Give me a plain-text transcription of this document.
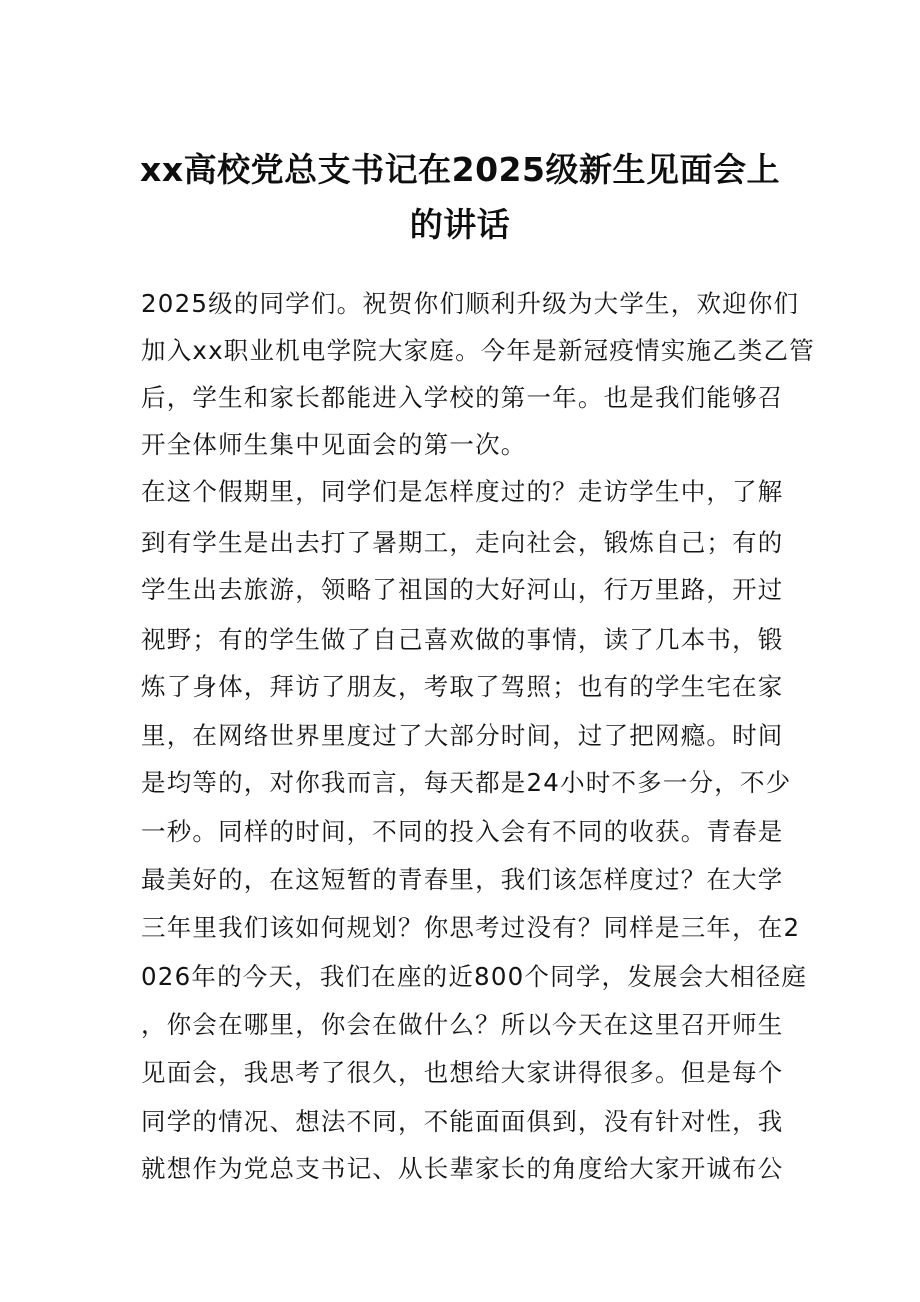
xx高校党总支书记在2025级新生见面会上
的讲话
2025级的同学们。祝贺你们顺利升级为大学生，欢迎你们
加入xx职业机电学院大家庭。今年是新冠疫情实施乙类乙管
后，学生和家长都能进入学校的第一年。也是我们能够召
开全体师生集中见面会的第一次。
在这个假期里，同学们是怎样度过的？走访学生中，了解
到有学生是出去打了暑期工，走向社会，锻炼自己；有的
学生出去旅游，领略了祖国的大好河山，行万里路，开过
视野；有的学生做了自己喜欢做的事情，读了几本书，锻
炼了身体，拜访了朋友，考取了驾照；也有的学生宅在家
里，在网络世界里度过了大部分时间，过了把网瘾。时间
是均等的，对你我而言，每天都是24小时不多一分，不少
一秒。同样的时间，不同的投入会有不同的收获。青春是
最美好的，在这短暂的青春里，我们该怎样度过？在大学
三年里我们该如何规划？你思考过没有？同样是三年，在2
026年的今天，我们在座的近800个同学，发展会大相径庭
，你会在哪里，你会在做什么？所以今天在这里召开师生
见面会，我思考了很久，也想给大家讲得很多。但是每个
同学的情况、想法不同，不能面面俱到，没有针对性，我
就想作为党总支书记、从长辈家长的角度给大家开诚布公
